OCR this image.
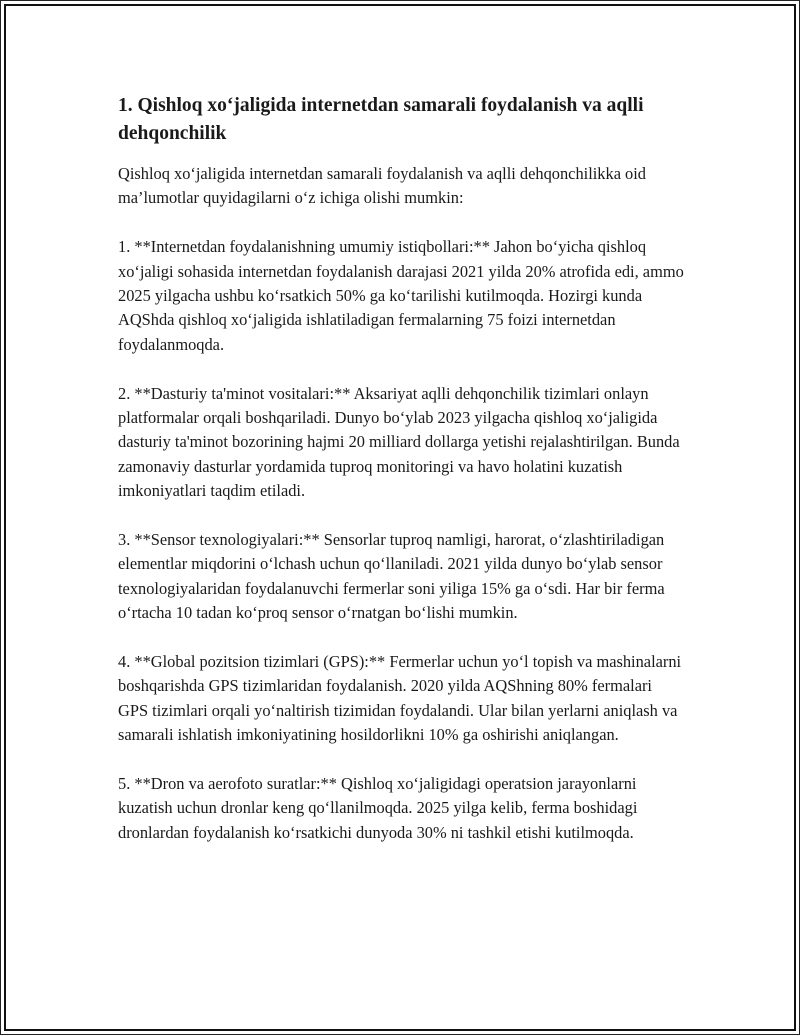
1. Qishloq xo‘jaligida internetdan samarali foydalanish va aqlli dehqonchilik

Qishloq xo‘jaligida internetdan samarali foydalanish va aqlli dehqonchilikka oid ma’lumotlar quyidagilarni o‘z ichiga olishi mumkin:

1. **Internetdan foydalanishning umumiy istiqbollari:** Jahon bo‘yicha qishloq xo‘jaligi sohasida internetdan foydalanish darajasi 2021 yilda 20% atrofida edi, ammo 2025 yilgacha ushbu ko‘rsatkich 50% ga ko‘tarilishi kutilmoqda. Hozirgi kunda AQShda qishloq xo‘jaligida ishlatiladigan fermalarning 75 foizi internetdan foydalanmoqda.

2. **Dasturiy ta'minot vositalari:** Aksariyat aqlli dehqonchilik tizimlari onlayn platformalar orqali boshqariladi. Dunyo bo‘ylab 2023 yilgacha qishloq xo‘jaligida dasturiy ta'minot bozorining hajmi 20 milliard dollarga yetishi rejalashtirilgan. Bunda zamonaviy dasturlar yordamida tuproq monitoringi va havo holatini kuzatish imkoniyatlari taqdim etiladi.

3. **Sensor texnologiyalari:** Sensorlar tuproq namligi, harorat, o‘zlashtiriladigan elementlar miqdorini o‘lchash uchun qo‘llaniladi. 2021 yilda dunyo bo‘ylab sensor texnologiyalaridan foydalanuvchi fermerlar soni yiliga 15% ga o‘sdi. Har bir ferma o‘rtacha 10 tadan ko‘proq sensor o‘rnatgan bo‘lishi mumkin.

4. **Global pozitsion tizimlari (GPS):** Fermerlar uchun yo‘l topish va mashinalarni boshqarishda GPS tizimlaridan foydalanish. 2020 yilda AQShning 80% fermalari GPS tizimlari orqali yo‘naltirish tizimidan foydalandi. Ular bilan yerlarni aniqlash va samarali ishlatish imkoniyatining hosildorlikni 10% ga oshirishi aniqlangan.

5. **Dron va aerofoto suratlar:** Qishloq xo‘jaligidagi operatsion jarayonlarni kuzatish uchun dronlar keng qo‘llanilmoqda. 2025 yilga kelib, ferma boshidagi dronlardan foydalanish ko‘rsatkichi dunyoda 30% ni tashkil etishi kutilmoqda.
